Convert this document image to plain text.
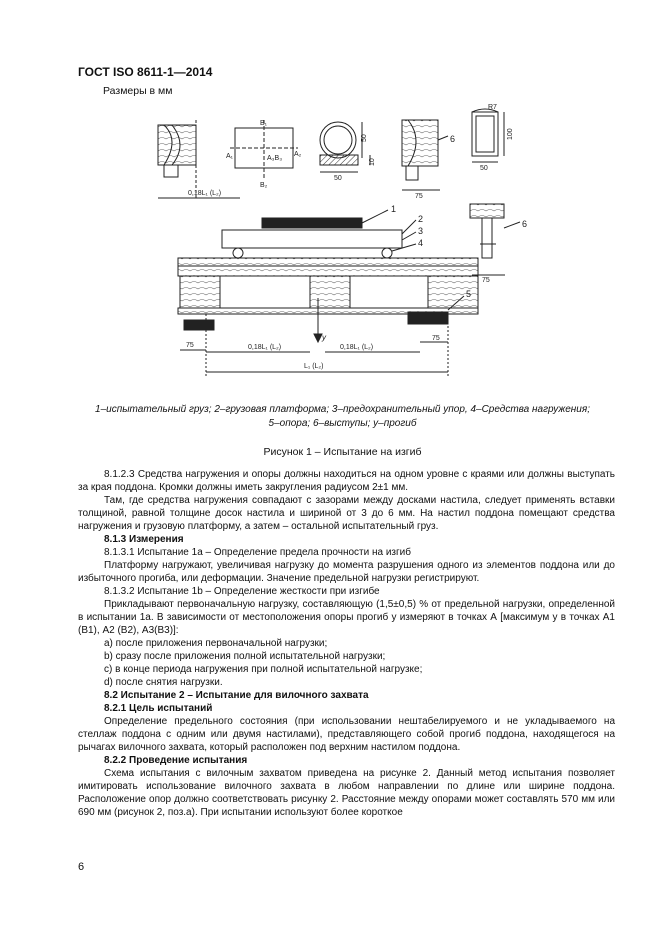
ГОСТ ISO 8611-1—2014
Размеры в мм
0,18L₁ (L₂)
B₁
B₂
A₁	A₂
A₃B₃
50
10
50
75
6
R7
100
50
75
6
y
1
2
3
4
5
75	0,18L₁ (L₂)	0,18L₁ (L₂)
75
L₁ (L₂)
1–испытательный груз; 2–грузовая платформа; 3–предохранительный упор, 4–Средства нагружения;
5–опора; 6–выступы; y–прогиб
Рисунок 1 – Испытание на изгиб

8.1.2.3 Средства нагружения и опоры должны находиться на одном уровне с краями или должны выступать за края поддона. Кромки должны иметь закругления радиусом 2±1 мм.

Там, где средства нагружения совпадают с зазорами между досками настила, следует применять вставки толщиной, равной толщине досок настила и шириной от 3 до 6 мм. На настил поддона помещают средства нагружения и грузовую платформу, а затем – остальной испытательный груз.

8.1.3 Измерения

8.1.3.1 Испытание 1а – Определение предела прочности на изгиб

Платформу нагружают, увеличивая нагрузку до момента разрушения одного из элементов поддона или до избыточного прогиба, или деформации. Значение предельной нагрузки регистрируют.

8.1.3.2 Испытание 1b – Определение жесткости при изгибе

Прикладывают первоначальную нагрузку, составляющую (1,5±0,5) % от предельной нагрузки, определенной в испытании 1а. В зависимости от местоположения опоры прогиб y измеряют в точках А [максимум y в точках А1 (В1), А2 (В2), А3(В3)]:

а) после приложения первоначальной нагрузки;

b) сразу после приложения полной испытательной нагрузки;

c) в конце периода нагружения при полной испытательной нагрузке;

d) после снятия нагрузки.

8.2 Испытание 2 – Испытание для вилочного захвата

8.2.1 Цель испытаний

Определение предельного состояния (при использовании нештабелируемого и не укладываемого на стеллаж поддона с одним или двумя настилами), представляющего собой прогиб поддона, находящегося на рычагах вилочного захвата, который расположен под верхним настилом поддона.

8.2.2 Проведение испытания

Схема испытания с вилочным захватом приведена на рисунке 2. Данный метод испытания позволяет имитировать использование вилочного захвата в любом направлении по длине или ширине поддона. Расположение опор должно соответствовать рисунку 2. Расстояние между опорами может составлять 570 мм или 690 мм (рисунок 2, поз.а). При испытании используют более короткое

6
